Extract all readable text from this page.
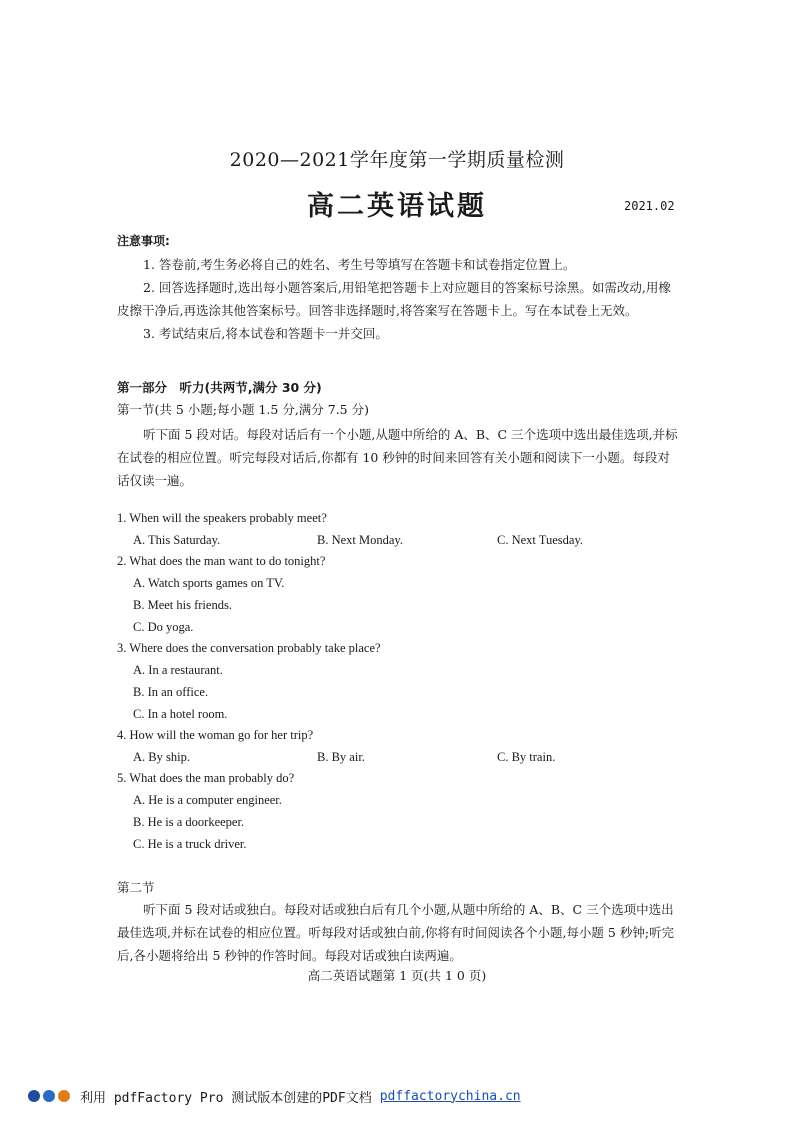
2020—2021学年度第一学期质量检测
高二英语试题	2021.02
注意事项:

1. 答卷前,考生务必将自己的姓名、考生号等填写在答题卡和试卷指定位置上。

2. 回答选择题时,选出每小题答案后,用铅笔把答题卡上对应题目的答案标号涂黑。如需改动,用橡皮擦干净后,再选涂其他答案标号。回答非选择题时,将答案写在答题卡上。写在本试卷上无效。

3. 考试结束后,将本试卷和答题卡一并交回。

第一部分　听力(共两节,满分 30 分)
第一节(共 5 小题;每小题 1.5 分,满分 7.5 分)
听下面 5 段对话。每段对话后有一个小题,从题中所给的 A、B、C 三个选项中选出最佳选项,并标在试卷的相应位置。听完每段对话后,你都有 10 秒钟的时间来回答有关小题和阅读下一小题。每段对话仅读一遍。
1. When will the speakers probably meet?
A. This Saturday.	B. Next Monday.	C. Next Tuesday.
2. What does the man want to do tonight?
A. Watch sports games on TV.
B. Meet his friends.
C. Do yoga.
3. Where does the conversation probably take place?
A. In a restaurant.
B. In an office.
C. In a hotel room.
4. How will the woman go for her trip?
A. By ship.	B. By air.	C. By train.
5. What does the man probably do?
A. He is a computer engineer.
B. He is a doorkeeper.
C. He is a truck driver.
第二节
听下面 5 段对话或独白。每段对话或独白后有几个小题,从题中所给的 A、B、C 三个选项中选出最佳选项,并标在试卷的相应位置。听每段对话或独白前,你将有时间阅读各个小题,每小题 5 秒钟;听完后,各小题将给出 5 秒钟的作答时间。每段对话或独白读两遍。
高二英语试题第 1 页(共 1 0 页)
利用 pdfFactory Pro 测试版本创建的PDF文档 pdffactorychina.cn
